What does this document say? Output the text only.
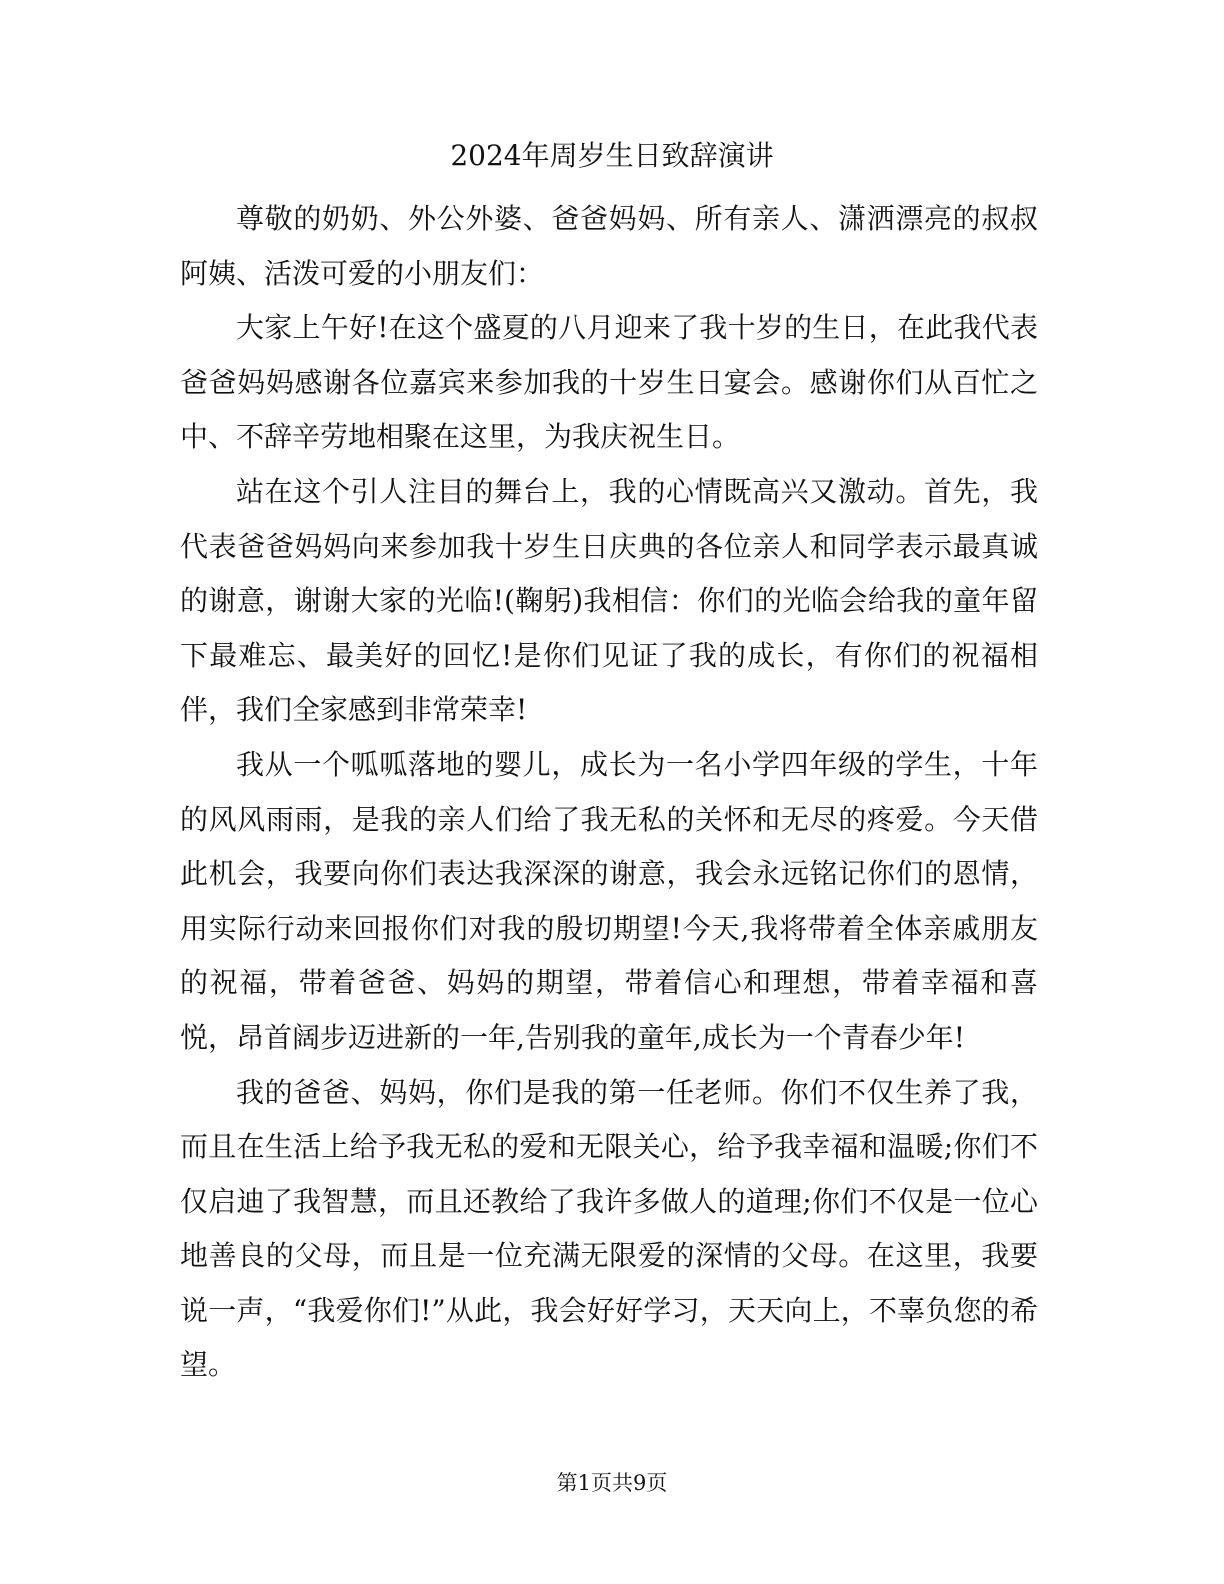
2024年周岁生日致辞演讲

尊敬的奶奶、外公外婆、爸爸妈妈、所有亲人、潇洒漂亮的叔叔阿姨、活泼可爱的小朋友们：

大家上午好!在这个盛夏的八月迎来了我十岁的生日，在此我代表爸爸妈妈感谢各位嘉宾来参加我的十岁生日宴会。感谢你们从百忙之中、不辞辛劳地相聚在这里，为我庆祝生日。

站在这个引人注目的舞台上，我的心情既高兴又激动。首先，我代表爸爸妈妈向来参加我十岁生日庆典的各位亲人和同学表示最真诚的谢意，谢谢大家的光临!(鞠躬)我相信：你们的光临会给我的童年留下最难忘、最美好的回忆!是你们见证了我的成长，有你们的祝福相伴，我们全家感到非常荣幸!

我从一个呱呱落地的婴儿，成长为一名小学四年级的学生，十年的风风雨雨，是我的亲人们给了我无私的关怀和无尽的疼爱。今天借此机会，我要向你们表达我深深的谢意，我会永远铭记你们的恩情，用实际行动来回报你们对我的殷切期望!今天,我将带着全体亲戚朋友的祝福，带着爸爸、妈妈的期望，带着信心和理想，带着幸福和喜悦，昂首阔步迈进新的一年,告别我的童年,成长为一个青春少年!

我的爸爸、妈妈，你们是我的第一任老师。你们不仅生养了我，而且在生活上给予我无私的爱和无限关心，给予我幸福和温暖;你们不仅启迪了我智慧，而且还教给了我许多做人的道理;你们不仅是一位心地善良的父母，而且是一位充满无限爱的深情的父母。在这里，我要说一声，“我爱你们!”从此，我会好好学习，天天向上，不辜负您的希望。

第1页共9页
